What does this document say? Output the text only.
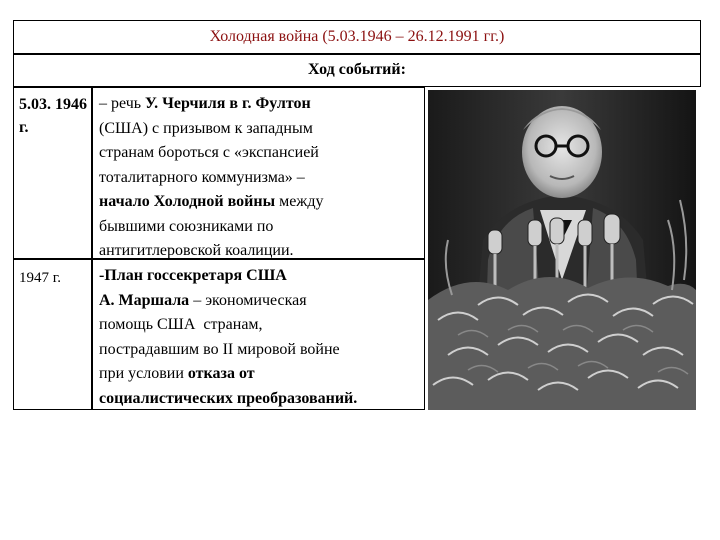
Холодная война (5.03.1946 – 26.12.1991 гг.)
Ход событий:
5.03. 1946 г.
– речь У. Черчиля в г. Фултон
(США) с призывом к западным
странам бороться с «экспансией
тоталитарного коммунизма» –
начало Холодной войны между
бывшими союзниками по
антигитлеровской коалиции.
1947 г.	-План госсекретаря США
А. Маршала – экономическая
помощь США  странам,
пострадавшим во II мировой войне
при условии отказа от
социалистических преобразований.
